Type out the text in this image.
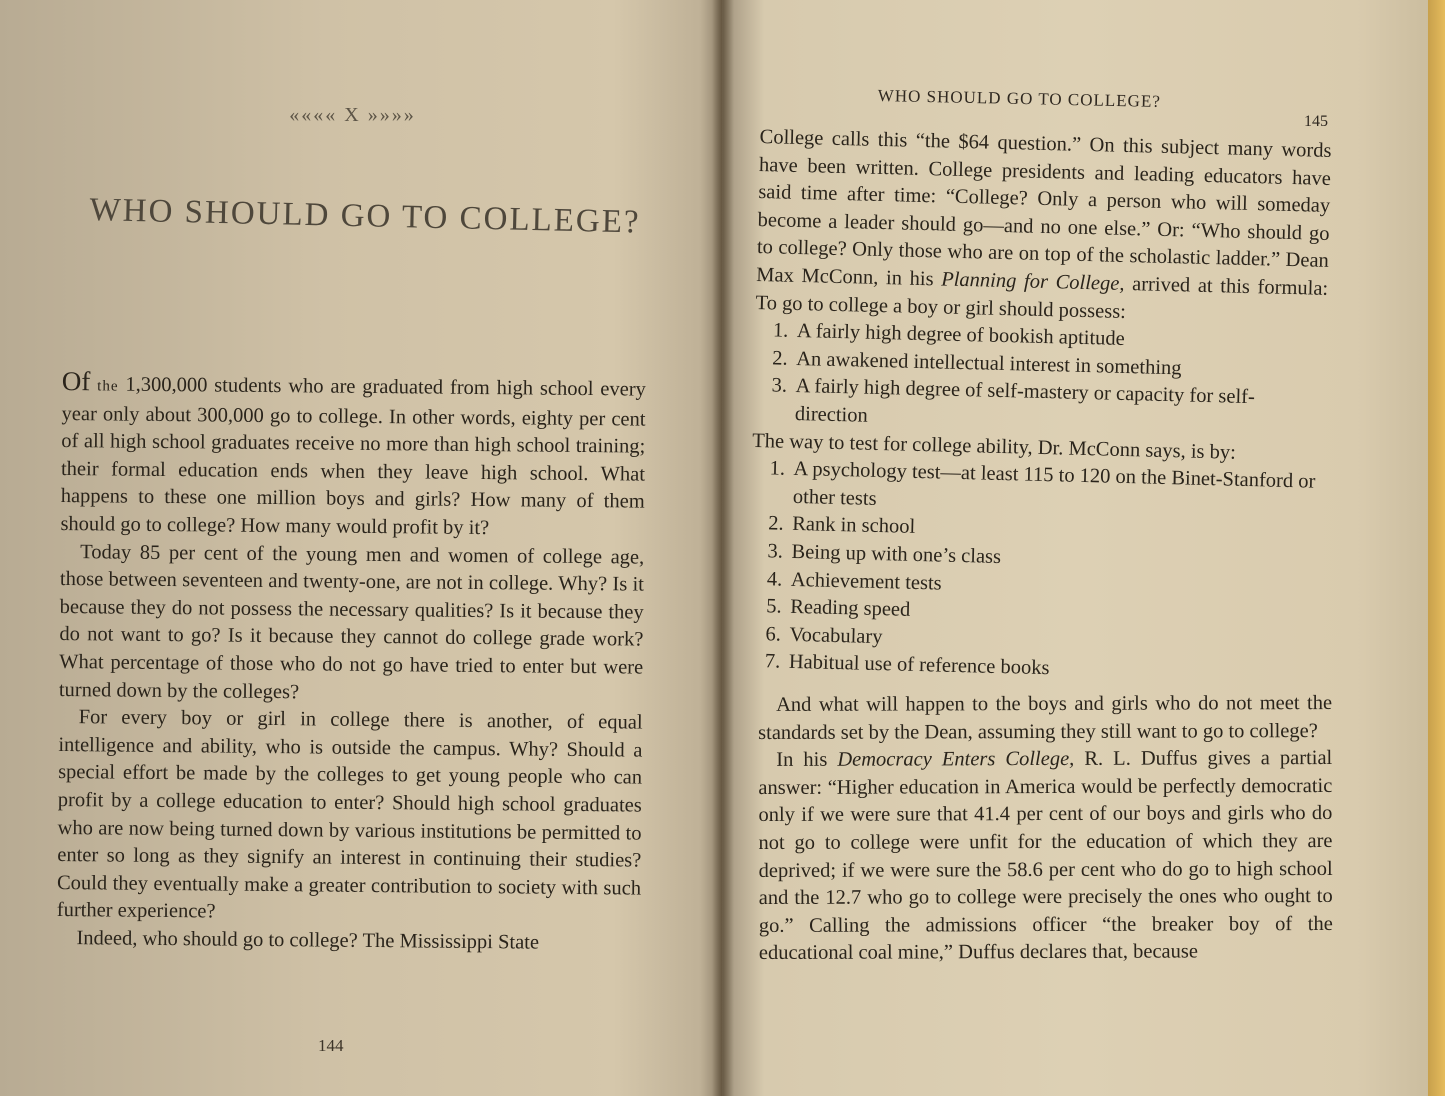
«««« X »»»»
WHO SHOULD GO TO COLLEGE?

Of the 1,300,000 students who are graduated from high school every year only about 300,000 go to college. In other words, eighty per cent of all high school graduates receive no more than high school training; their formal education ends when they leave high school. What happens to these one million boys and girls? How many of them should go to college? How many would profit by it?

Today 85 per cent of the young men and women of college age, those between seventeen and twenty-one, are not in college. Why? Is it because they do not possess the necessary qualities? Is it because they do not want to go? Is it because they cannot do college grade work? What percentage of those who do not go have tried to enter but were turned down by the colleges?

For every boy or girl in college there is another, of equal intelligence and ability, who is outside the campus. Why? Should a special effort be made by the colleges to get young people who can profit by a college education to enter? Should high school graduates who are now being turned down by various institutions be permitted to enter so long as they signify an interest in continuing their studies? Could they eventually make a greater contribution to society with such further experience?

Indeed, who should go to college? The Mississippi State

144
WHO SHOULD GO TO COLLEGE?
145

College calls this “the $64 question.” On this subject many words have been written. College presidents and leading educators have said time after time: “College? Only a person who will someday become a leader should go—and no one else.” Or: “Who should go to college? Only those who are on top of the scholastic ladder.” Dean Max McConn, in his Planning for College, arrived at this formula: To go to college a boy or girl should possess:

1. A fairly high degree of bookish aptitude
2. An awakened intellectual interest in something
3. A fairly high degree of self-mastery or capacity for self-direction

The way to test for college ability, Dr. McConn says, is by:

1. A psychology test—at least 115 to 120 on the Binet-Stanford or other tests
2. Rank in school
3. Being up with one’s class
4. Achievement tests
5. Reading speed
6. Vocabulary
7. Habitual use of reference books

And what will happen to the boys and girls who do not meet the standards set by the Dean, assuming they still want to go to college?

In his Democracy Enters College, R. L. Duffus gives a partial answer: “Higher education in America would be perfectly democratic only if we were sure that 41.4 per cent of our boys and girls who do not go to college were unfit for the education of which they are deprived; if we were sure the 58.6 per cent who do go to high school and the 12.7 who go to college were precisely the ones who ought to go.” Calling the admissions officer “the breaker boy of the educational coal mine,” Duffus declares that, because
